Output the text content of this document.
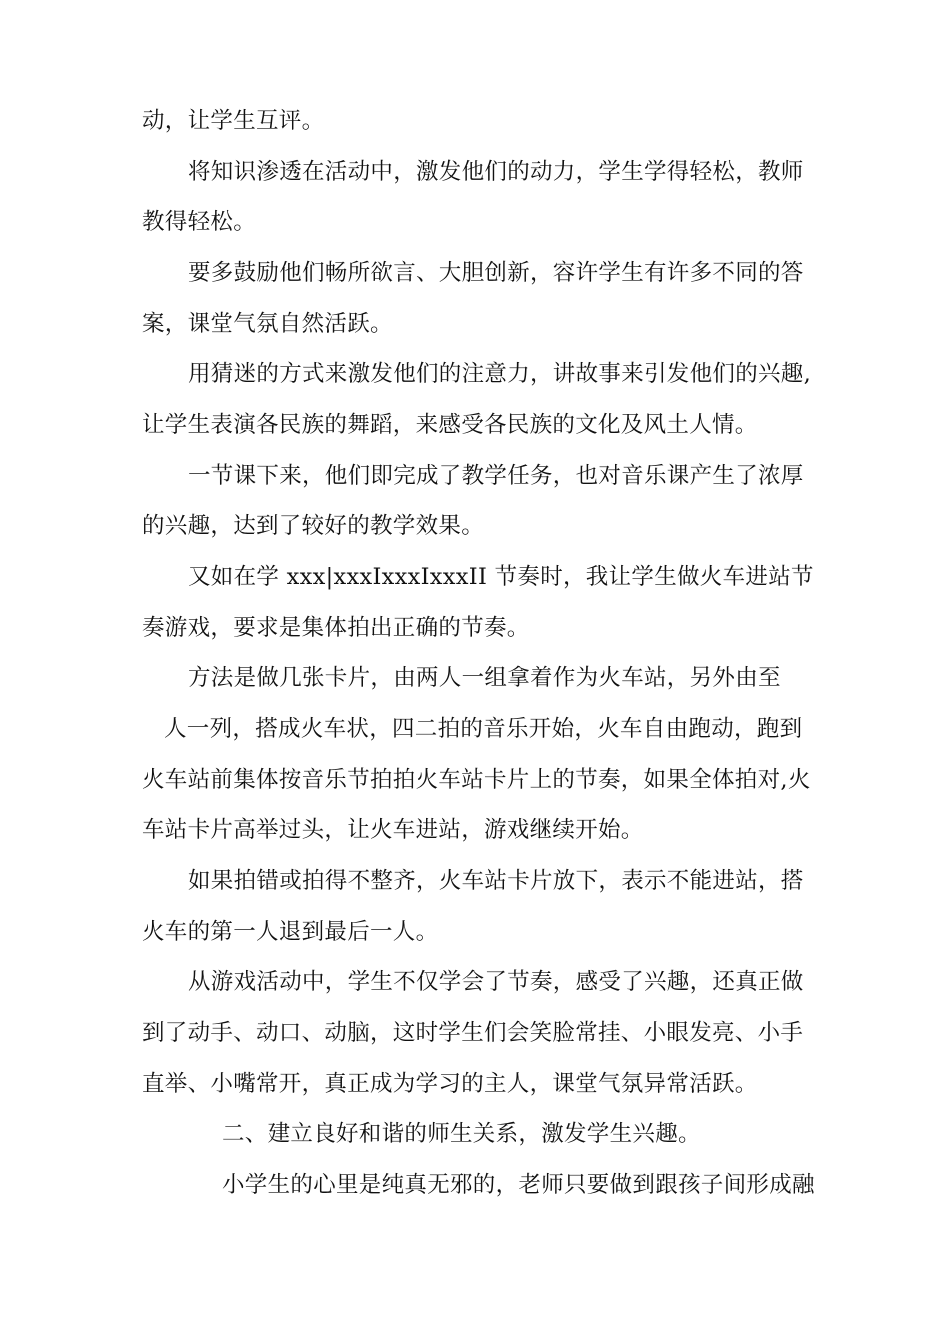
动，让学生互评。
将知识渗透在活动中，激发他们的动力，学生学得轻松，教师
教得轻松。
要多鼓励他们畅所欲言、大胆创新，容许学生有许多不同的答
案，课堂气氛自然活跃。
用猜迷的方式来激发他们的注意力，讲故事来引发他们的兴趣,
让学生表演各民族的舞蹈，来感受各民族的文化及风土人情。
一节课下来，他们即完成了教学任务，也对音乐课产生了浓厚
的兴趣，达到了较好的教学效果。
又如在学 xxx|xxxIxxxIxxxII 节奏时，我让学生做火车进站节
奏游戏，要求是集体拍出正确的节奏。
方法是做几张卡片，由两人一组拿着作为火车站，另外由至
人一列，搭成火车状，四二拍的音乐开始，火车自由跑动，跑到
火车站前集体按音乐节拍拍火车站卡片上的节奏，如果全体拍对,火
车站卡片高举过头，让火车进站，游戏继续开始。
如果拍错或拍得不整齐，火车站卡片放下，表示不能进站，搭
火车的第一人退到最后一人。
从游戏活动中，学生不仅学会了节奏，感受了兴趣，还真正做
到了动手、动口、动脑，这时学生们会笑脸常挂、小眼发亮、小手
直举、小嘴常开，真正成为学习的主人，课堂气氛异常活跃。
二、建立良好和谐的师生关系，激发学生兴趣。
小学生的心里是纯真无邪的，老师只要做到跟孩子间形成融
